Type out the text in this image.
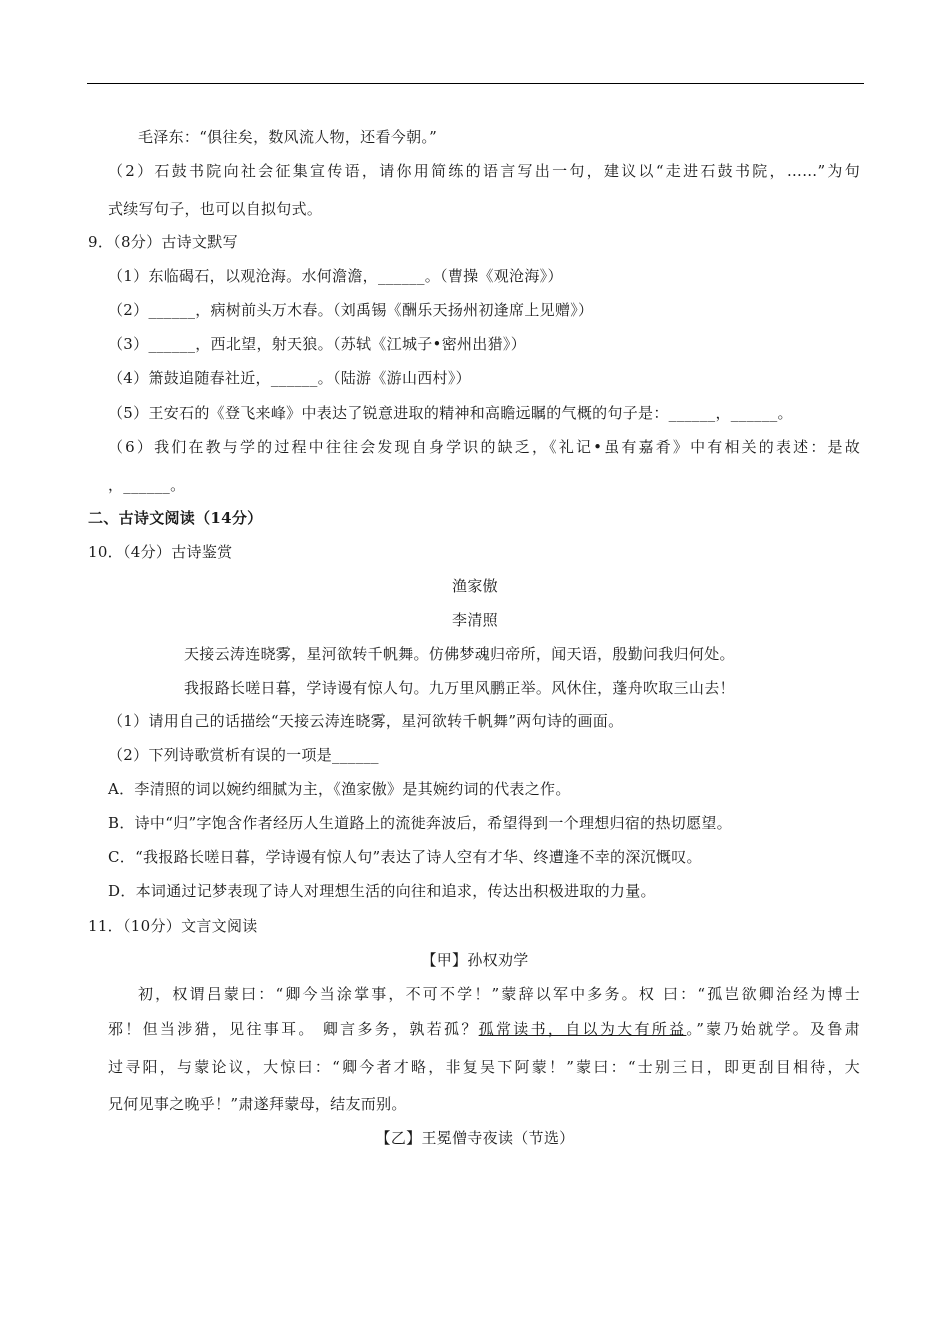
毛泽东：“俱往矣，数风流人物，还看今朝。”
（2）石鼓书院向社会征集宣传语，请你用简练的语言写出一句，建议以“走进石鼓书院，……”为句
式续写句子，也可以自拟句式。
9．（8分）古诗文默写
（1）东临碣石，以观沧海。水何澹澹，______。（曹操《观沧海》）
（2）______，病树前头万木春。（刘禹锡《酬乐天扬州初逢席上见赠》）
（3）______，西北望，射天狼。（苏轼《江城子•密州出猎》）
（4）箫鼓追随春社近，______。（陆游《游山西村》）
（5）王安石的《登飞来峰》中表达了锐意进取的精神和高瞻远瞩的气概的句子是：______，______。
（6）我们在教与学的过程中往往会发现自身学识的缺乏，《礼记•虽有嘉肴》中有相关的表述：是故
，______。
二、古诗文阅读（14分）
10．（4分）古诗鉴赏
渔家傲
李清照
天接云涛连晓雾，星河欲转千帆舞。仿佛梦魂归帝所，闻天语，殷勤问我归何处。
我报路长嗟日暮，学诗谩有惊人句。九万里风鹏正举。风休住，蓬舟吹取三山去！
（1）请用自己的话描绘“天接云涛连晓雾，星河欲转千帆舞”两句诗的画面。
（2）下列诗歌赏析有误的一项是______
A．李清照的词以婉约细腻为主，《渔家傲》是其婉约词的代表之作。
B．诗中“归”字饱含作者经历人生道路上的流徙奔波后，希望得到一个理想归宿的热切愿望。
C．“我报路长嗟日暮，学诗谩有惊人句”表达了诗人空有才华、终遭逢不幸的深沉慨叹。
D．本词通过记梦表现了诗人对理想生活的向往和追求，传达出积极进取的力量。
11．（10分）文言文阅读
【甲】孙权劝学
初，权谓吕蒙曰：“卿今当涂掌事，不可不学！”蒙辞以军中多务。权 曰：“孤岂欲卿治经为博士
邪！但当涉猎，见往事耳。 卿言多务，孰若孤？孤常读书，自以为大有所益。”蒙乃始就学。及鲁肃
过寻阳，与蒙论议，大惊曰：“卿今者才略，非复吴下阿蒙！”蒙曰：“士别三日，即更刮目相待，大
兄何见事之晚乎！”肃遂拜蒙母，结友而别。
【乙】王冕僧寺夜读（节选）
